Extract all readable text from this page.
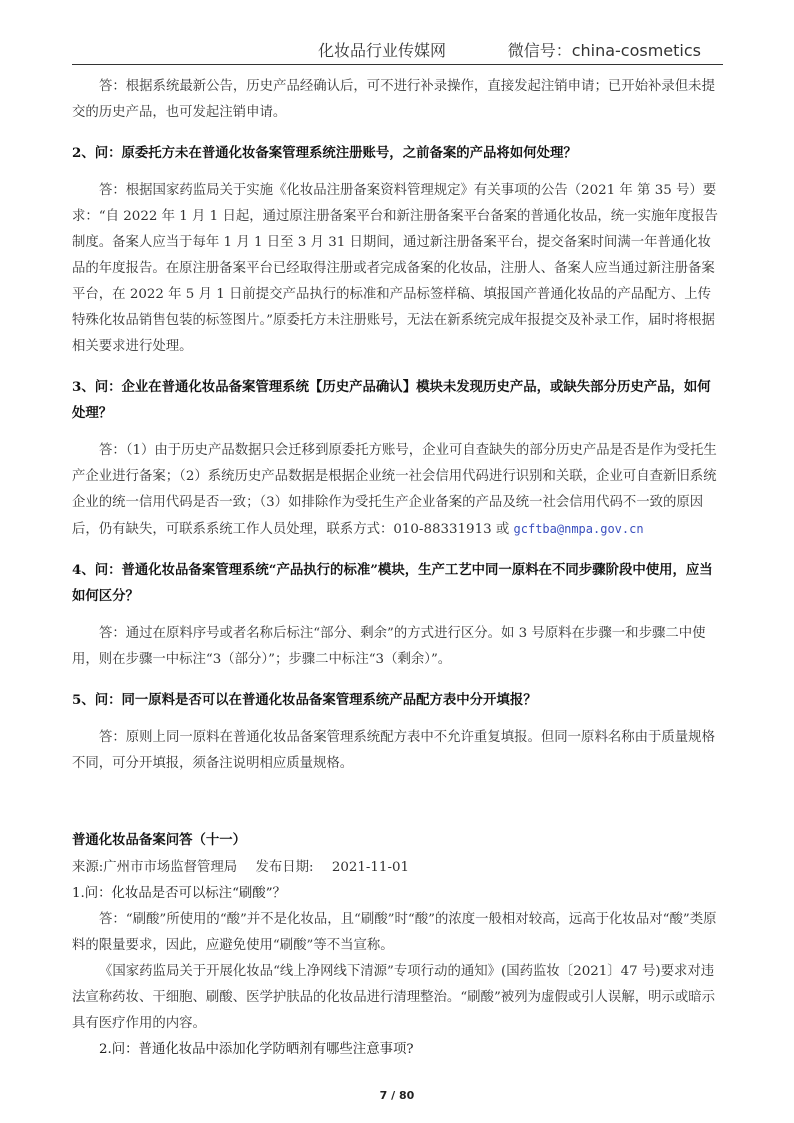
化妆品行业传媒网	微信号：china-cosmetics

答：根据系统最新公告，历史产品经确认后，可不进行补录操作，直接发起注销申请；已开始补录但未提交的历史产品，也可发起注销申请。

2、问：原委托方未在普通化妆备案管理系统注册账号，之前备案的产品将如何处理？

答：根据国家药监局关于实施《化妆品注册备案资料管理规定》有关事项的公告（2021 年 第 35 号）要求：“自 2022 年 1 月 1 日起，通过原注册备案平台和新注册备案平台备案的普通化妆品，统一实施年度报告制度。备案人应当于每年 1 月 1 日至 3 月 31 日期间，通过新注册备案平台，提交备案时间满一年普通化妆品的年度报告。在原注册备案平台已经取得注册或者完成备案的化妆品，注册人、备案人应当通过新注册备案平台，在 2022 年 5 月 1 日前提交产品执行的标准和产品标签样稿、填报国产普通化妆品的产品配方、上传特殊化妆品销售包装的标签图片。”原委托方未注册账号，无法在新系统完成年报提交及补录工作，届时将根据相关要求进行处理。

3、问：企业在普通化妆品备案管理系统【历史产品确认】模块未发现历史产品，或缺失部分历史产品，如何处理？

答：（1）由于历史产品数据只会迁移到原委托方账号，企业可自查缺失的部分历史产品是否是作为受托生产企业进行备案；（2）系统历史产品数据是根据企业统一社会信用代码进行识别和关联，企业可自查新旧系统企业的统一信用代码是否一致；（3）如排除作为受托生产企业备案的产品及统一社会信用代码不一致的原因后，仍有缺失，可联系系统工作人员处理，联系方式：010-88331913 或 gcftba@nmpa.gov.cn

4、问：普通化妆品备案管理系统“产品执行的标准”模块，生产工艺中同一原料在不同步骤阶段中使用，应当如何区分？

答：通过在原料序号或者名称后标注“部分、剩余”的方式进行区分。如 3 号原料在步骤一和步骤二中使用，则在步骤一中标注“3（部分）”；步骤二中标注“3（剩余）”。

5、问：同一原料是否可以在普通化妆品备案管理系统产品配方表中分开填报？

答：原则上同一原料在普通化妆品备案管理系统配方表中不允许重复填报。但同一原料名称由于质量规格不同，可分开填报，须备注说明相应质量规格。

普通化妆品备案问答（十一）

来源:广州市市场监督管理局 发布日期: 2021-11-01

1.问：化妆品是否可以标注“刷酸”？

答：“刷酸”所使用的“酸”并不是化妆品，且“刷酸”时“酸”的浓度一般相对较高，远高于化妆品对“酸”类原料的限量要求，因此，应避免使用“刷酸”等不当宣称。

《国家药监局关于开展化妆品“线上净网线下清源”专项行动的通知》(国药监妆〔2021〕47 号)要求对违法宣称药妆、干细胞、刷酸、医学护肤品的化妆品进行清理整治。“刷酸”被列为虚假或引人误解，明示或暗示具有医疗作用的内容。

2.问：普通化妆品中添加化学防晒剂有哪些注意事项?

7 / 80
